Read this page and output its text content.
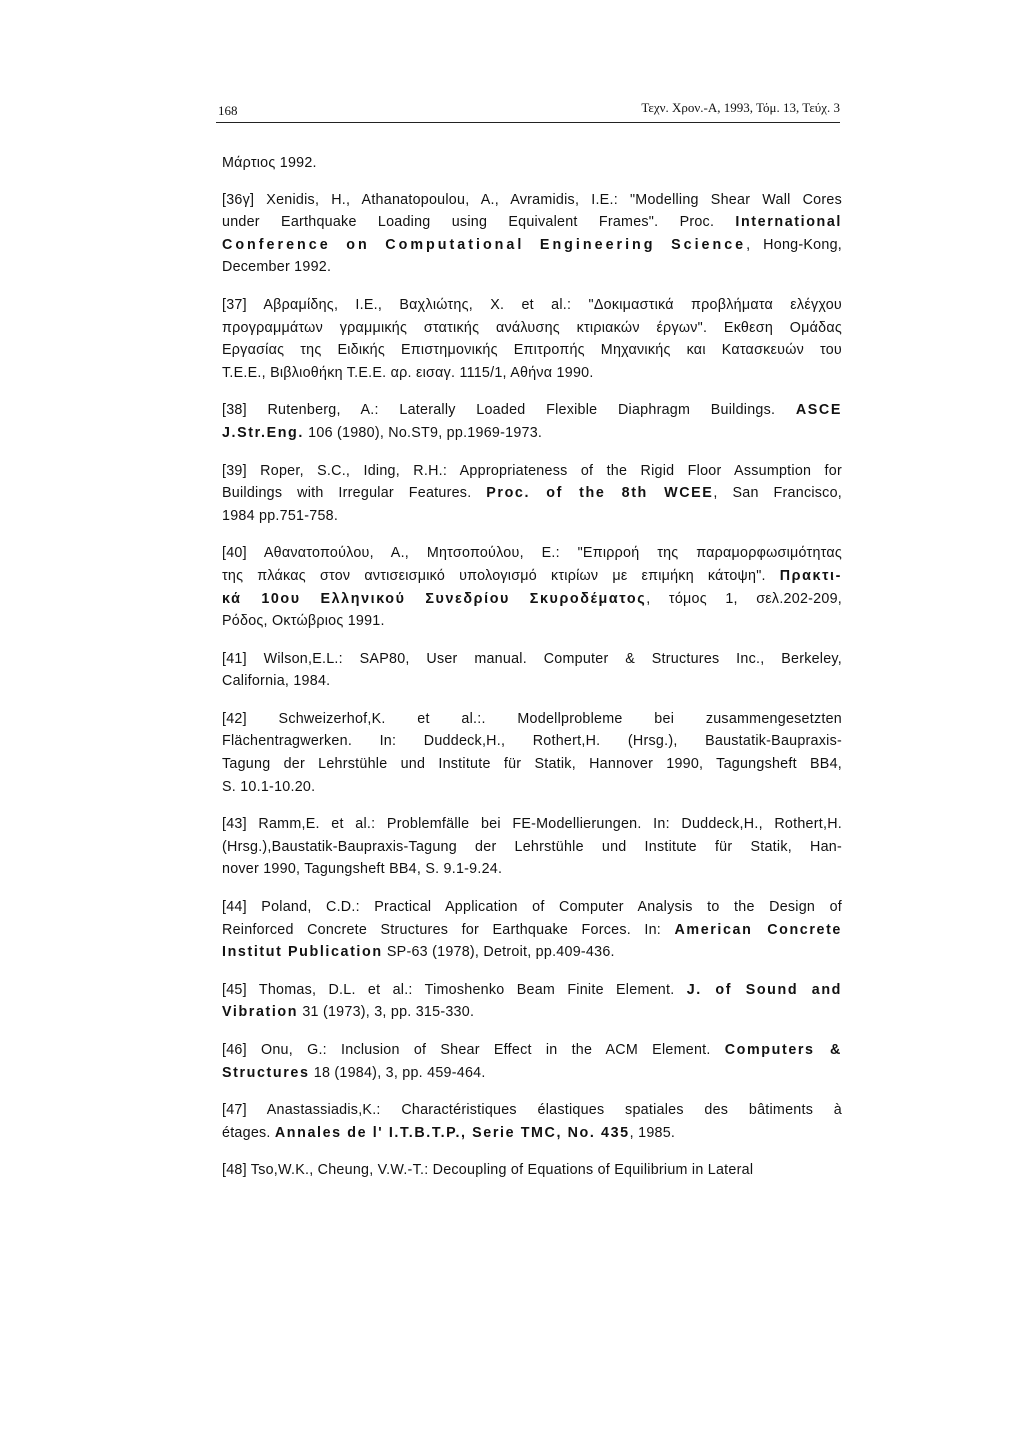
168	Τεχν. Χρον.-Α, 1993, Τόμ. 13, Τεύχ. 3

Μάρτιος 1992.

[36γ] Xenidis, H., Athanatopoulou, A., Avramidis, I.E.: "Modelling Shear Wall Cores
under Earthquake Loading using Equivalent Frames". Proc. International
Conference on Computational Engineering Science, Hong-Kong,
December 1992.

[37] Αβραμίδης, I.E., Βαχλιώτης, X. et al.: "Δοκιμαστικά προβλήματα ελέγχου
προγραμμάτων γραμμικής στατικής ανάλυσης κτιριακών έργων". Εκθεση Ομάδας
Εργασίας της Ειδικής Επιστημονικής Επιτροπής Μηχανικής και Κατασκευών του
T.E.E., Βιβλιοθήκη Τ.Ε.Ε. αρ. εισαγ. 1115/1, Αθήνα 1990.

[38] Rutenberg, A.: Laterally Loaded Flexible Diaphragm Buildings. ASCE
J.Str.Eng. 106 (1980), No.ST9, pp.1969-1973.

[39] Roper, S.C., Iding, R.H.: Appropriateness of the Rigid Floor Assumption for
Buildings with Irregular Features. Proc. of the 8th WCEE, San Francisco,
1984 pp.751-758.

[40] Αθανατοπούλου, Α., Μητσοπούλου, Ε.: "Επιρροή της παραμορφωσιμότητας
της πλάκας στον αντισεισμικό υπολογισμό κτιρίων με επιμήκη κάτοψη". Πρακτι-
κά 10ου Ελληνικού Συνεδρίου Σκυροδέματος, τόμος 1, σελ.202-209,
Ρόδος, Οκτώβριος 1991.

[41] Wilson,E.L.: SAP80, User manual. Computer & Structures Inc., Berkeley,
California, 1984.

[42] Schweizerhof,K. et al.:. Modellprobleme bei zusammengesetzten
Flächentragwerken. In: Duddeck,H., Rothert,H. (Hrsg.), Baustatik-Baupraxis-
Tagung der Lehrstühle und Institute für Statik, Hannover 1990, Tagungsheft BB4,
S. 10.1-10.20.

[43] Ramm,E. et al.: Problemfälle bei FE-Modellierungen. In: Duddeck,H., Rothert,H.
(Hrsg.),Baustatik-Baupraxis-Tagung der Lehrstühle und Institute für Statik, Han-
nover 1990, Tagungsheft BB4, S. 9.1-9.24.

[44] Poland, C.D.: Practical Application of Computer Analysis to the Design of
Reinforced Concrete Structures for Earthquake Forces. In: American Concrete
Institut Publication SP-63 (1978), Detroit, pp.409-436.

[45] Thomas, D.L. et al.: Timoshenko Beam Finite Element. J. of Sound and
Vibration 31 (1973), 3, pp. 315-330.

[46] Onu, G.: Inclusion of Shear Effect in the ACM Element. Computers &
Structures 18 (1984), 3, pp. 459-464.

[47] Anastassiadis,K.: Charactéristiques élastiques spatiales des bâtiments à
étages. Annales de l' I.T.B.T.P., Serie TMC, No. 435, 1985.

[48] Tso,W.K., Cheung, V.W.-T.: Decoupling of Equations of Equilibrium in Lateral
